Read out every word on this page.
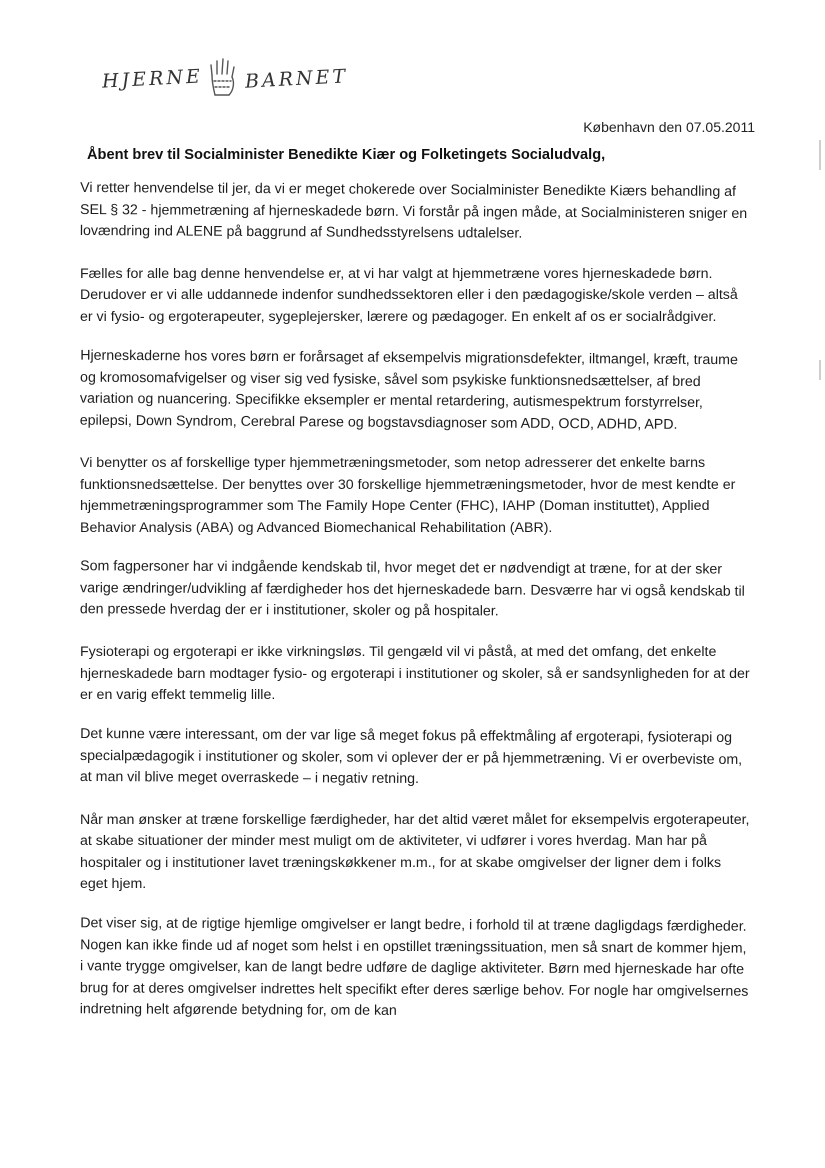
HJERNE BARNET
København den 07.05.2011
Åbent brev til Socialminister Benedikte Kiær og Folketingets Socialudvalg,

Vi retter henvendelse til jer, da vi er meget chokerede over Socialminister Benedikte Kiærs behandling af SEL § 32 - hjemmetræning af hjerneskadede børn. Vi forstår på ingen måde, at Socialministeren sniger en lovændring ind ALENE på baggrund af Sundhedsstyrelsens udtalelser.

Fælles for alle bag denne henvendelse er, at vi har valgt at hjemmetræne vores hjerneskadede børn. Derudover er vi alle uddannede indenfor sundhedssektoren eller i den pædagogiske/skole verden – altså er vi fysio- og ergoterapeuter, sygeplejersker, lærere og pædagoger. En enkelt af os er socialrådgiver.

Hjerneskaderne hos vores børn er forårsaget af eksempelvis migrationsdefekter, iltmangel, kræft, traume og kromosomafvigelser og viser sig ved fysiske, såvel som psykiske funktionsnedsættelser, af bred variation og nuancering. Specifikke eksempler er mental retardering, autismespektrum forstyrrelser, epilepsi, Down Syndrom, Cerebral Parese og bogstavsdiagnoser som ADD, OCD, ADHD, APD.

Vi benytter os af forskellige typer hjemmetræningsmetoder, som netop adresserer det enkelte barns funktionsnedsættelse. Der benyttes over 30 forskellige hjemmetræningsmetoder, hvor de mest kendte er hjemmetræningsprogrammer som The Family Hope Center (FHC), IAHP (Doman instituttet), Applied Behavior Analysis (ABA) og Advanced Biomechanical Rehabilitation (ABR).

Som fagpersoner har vi indgående kendskab til, hvor meget det er nødvendigt at træne, for at der sker varige ændringer/udvikling af færdigheder hos det hjerneskadede barn. Desværre har vi også kendskab til den pressede hverdag der er i institutioner, skoler og på hospitaler.

Fysioterapi og ergoterapi er ikke virkningsløs. Til gengæld vil vi påstå, at med det omfang, det enkelte hjerneskadede barn modtager fysio- og ergoterapi i institutioner og skoler, så er sandsynligheden for at der er en varig effekt temmelig lille.

Det kunne være interessant, om der var lige så meget fokus på effektmåling af ergoterapi, fysioterapi og specialpædagogik i institutioner og skoler, som vi oplever der er på hjemmetræning. Vi er overbeviste om, at man vil blive meget overraskede – i negativ retning.

Når man ønsker at træne forskellige færdigheder, har det altid været målet for eksempelvis ergoterapeuter, at skabe situationer der minder mest muligt om de aktiviteter, vi udfører i vores hverdag. Man har på hospitaler og i institutioner lavet træningskøkkener m.m., for at skabe omgivelser der ligner dem i folks eget hjem.

Det viser sig, at de rigtige hjemlige omgivelser er langt bedre, i forhold til at træne dagligdags færdigheder. Nogen kan ikke finde ud af noget som helst i en opstillet træningssituation, men så snart de kommer hjem, i vante trygge omgivelser, kan de langt bedre udføre de daglige aktiviteter. Børn med hjerneskade har ofte brug for at deres omgivelser indrettes helt specifikt efter deres særlige behov. For nogle har omgivelsernes indretning helt afgørende betydning for, om de kan
